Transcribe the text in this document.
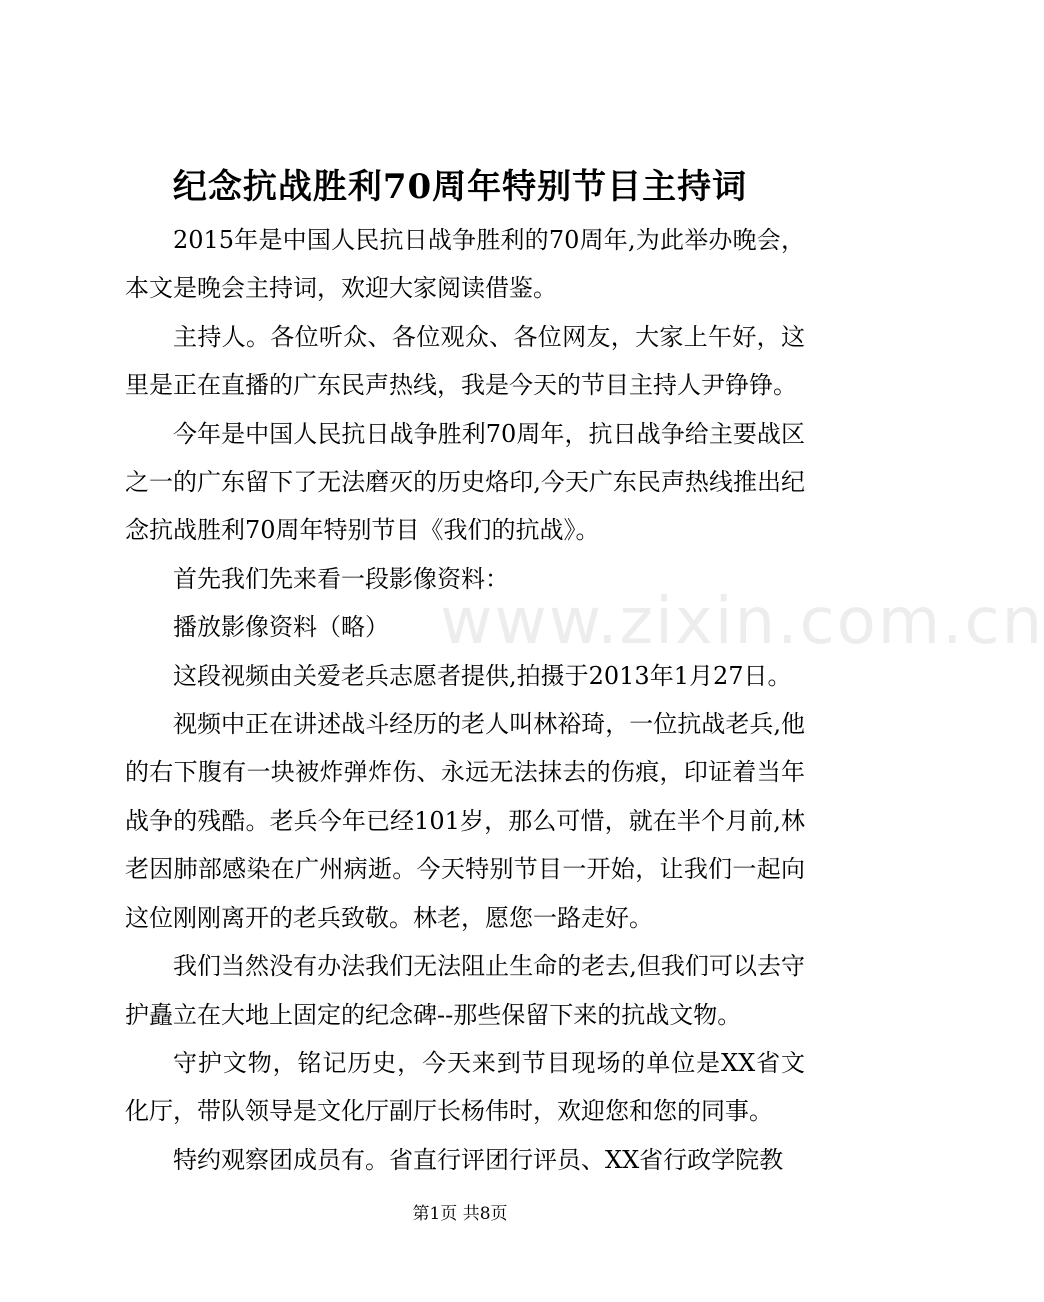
纪念抗战胜利70周年特别节目主持词

2015年是中国人民抗日战争胜利的70周年,为此举办晚会，本文是晚会主持词，欢迎大家阅读借鉴。

主持人。各位听众、各位观众、各位网友，大家上午好，这里是正在直播的广东民声热线，我是今天的节目主持人尹铮铮。

今年是中国人民抗日战争胜利70周年，抗日战争给主要战区之一的广东留下了无法磨灭的历史烙印,今天广东民声热线推出纪念抗战胜利70周年特别节目《我们的抗战》。

首先我们先来看一段影像资料：

播放影像资料（略）

这段视频由关爱老兵志愿者提供,拍摄于2013年1月27日。

视频中正在讲述战斗经历的老人叫林裕琦，一位抗战老兵,他的右下腹有一块被炸弹炸伤、永远无法抹去的伤痕，印证着当年战争的残酷。老兵今年已经101岁，那么可惜，就在半个月前,林老因肺部感染在广州病逝。今天特别节目一开始，让我们一起向这位刚刚离开的老兵致敬。林老，愿您一路走好。

我们当然没有办法我们无法阻止生命的老去,但我们可以去守护矗立在大地上固定的纪念碑--那些保留下来的抗战文物。

守护文物，铭记历史，今天来到节目现场的单位是XX省文化厅，带队领导是文化厅副厅长杨伟时，欢迎您和您的同事。

特约观察团成员有。省直行评团行评员、XX省行政学院教

www.zixin.com.cn
第1页 共8页
